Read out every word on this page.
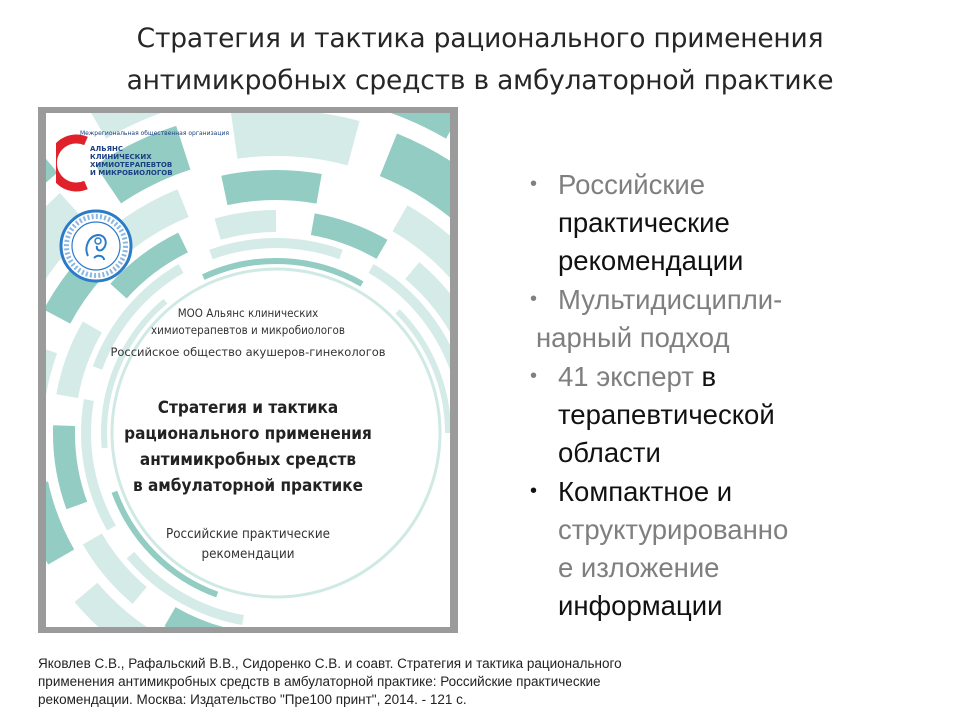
Стратегия и тактика рационального применения
антимикробных средств в амбулаторной практике
Межрегиональная общественная организация
АЛЬЯНС
КЛИНИЧЕСКИХ
ХИМИОТЕРАПЕВТОВ
И МИКРОБИОЛОГОВ
МОО Альянс клинических
химиотерапевтов и микробиологов
Российское общество акушеров-гинекологов
Стратегия и тактика
рационального применения
антимикробных средств
в амбулаторной практике
Российские практические
рекомендации
• Российские
практические
рекомендации
• Мультидисципли-
нарный подход
• 41 эксперт в
терапевтической
области
• Компактное и
структурированно
е изложение
информации
Яковлев С.В., Рафальский В.В., Сидоренко С.В. и соавт. Стратегия и тактика рационального
применения антимикробных средств в амбулаторной практике: Российские практические
рекомендации. Москва: Издательство "Пре100 принт", 2014. - 121 с.
